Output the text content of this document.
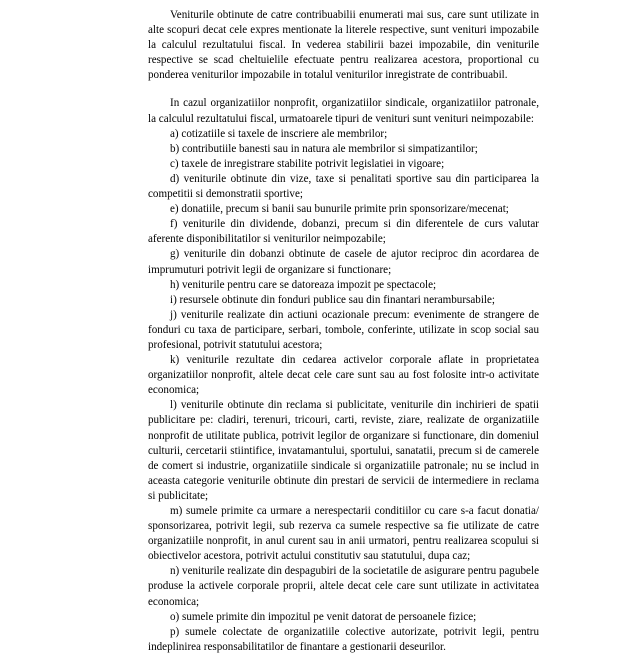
Veniturile obtinute de catre contribuabilii enumerati mai sus, care sunt utilizate in alte scopuri decat cele expres mentionate la literele respective, sunt venituri impozabile la calculul rezultatului fiscal. In vederea stabilirii bazei impozabile, din veniturile respective se scad cheltuielile efectuate pentru realizarea acestora, proportional cu ponderea veniturilor impozabile in totalul veniturilor inregistrate de contribuabil.

In cazul organizatiilor nonprofit, organizatiilor sindicale, organizatiilor patronale, la calculul rezultatului fiscal, urmatoarele tipuri de venituri sunt venituri neimpozabile:

a) cotizatiile si taxele de inscriere ale membrilor;

b) contributiile banesti sau in natura ale membrilor si simpatizantilor;

c) taxele de inregistrare stabilite potrivit legislatiei in vigoare;

d) veniturile obtinute din vize, taxe si penalitati sportive sau din participarea la competitii si demonstratii sportive;

e) donatiile, precum si banii sau bunurile primite prin sponsorizare/mecenat;

f) veniturile din dividende, dobanzi, precum si din diferentele de curs valutar aferente disponibilitatilor si veniturilor neimpozabile;

g) veniturile din dobanzi obtinute de casele de ajutor reciproc din acordarea de imprumuturi potrivit legii de organizare si functionare;

h) veniturile pentru care se datoreaza impozit pe spectacole;

i) resursele obtinute din fonduri publice sau din finantari nerambursabile;

j) veniturile realizate din actiuni ocazionale precum: evenimente de strangere de fonduri cu taxa de participare, serbari, tombole, conferinte, utilizate in scop social sau profesional, potrivit statutului acestora;

k) veniturile rezultate din cedarea activelor corporale aflate in proprietatea organizatiilor nonprofit, altele decat cele care sunt sau au fost folosite intr-o activitate economica;

l) veniturile obtinute din reclama si publicitate, veniturile din inchirieri de spatii publicitare pe: cladiri, terenuri, tricouri, carti, reviste, ziare, realizate de organizatiile nonprofit de utilitate publica, potrivit legilor de organizare si functionare, din domeniul culturii, cercetarii stiintifice, invatamantului, sportului, sanatatii, precum si de camerele de comert si industrie, organizatiile sindicale si organizatiile patronale; nu se includ in aceasta categorie veniturile obtinute din prestari de servicii de intermediere in reclama si publicitate;

m) sumele primite ca urmare a nerespectarii conditiilor cu care s-a facut donatia/ sponsorizarea, potrivit legii, sub rezerva ca sumele respective sa fie utilizate de catre organizatiile nonprofit, in anul curent sau in anii urmatori, pentru realizarea scopului si obiectivelor acestora, potrivit actului constitutiv sau statutului, dupa caz;

n) veniturile realizate din despagubiri de la societatile de asigurare pentru pagubele produse la activele corporale proprii, altele decat cele care sunt utilizate in activitatea economica;

o) sumele primite din impozitul pe venit datorat de persoanele fizice;

p) sumele colectate de organizatiile colective autorizate, potrivit legii, pentru indeplinirea responsabilitatilor de finantare a gestionarii deseurilor.
